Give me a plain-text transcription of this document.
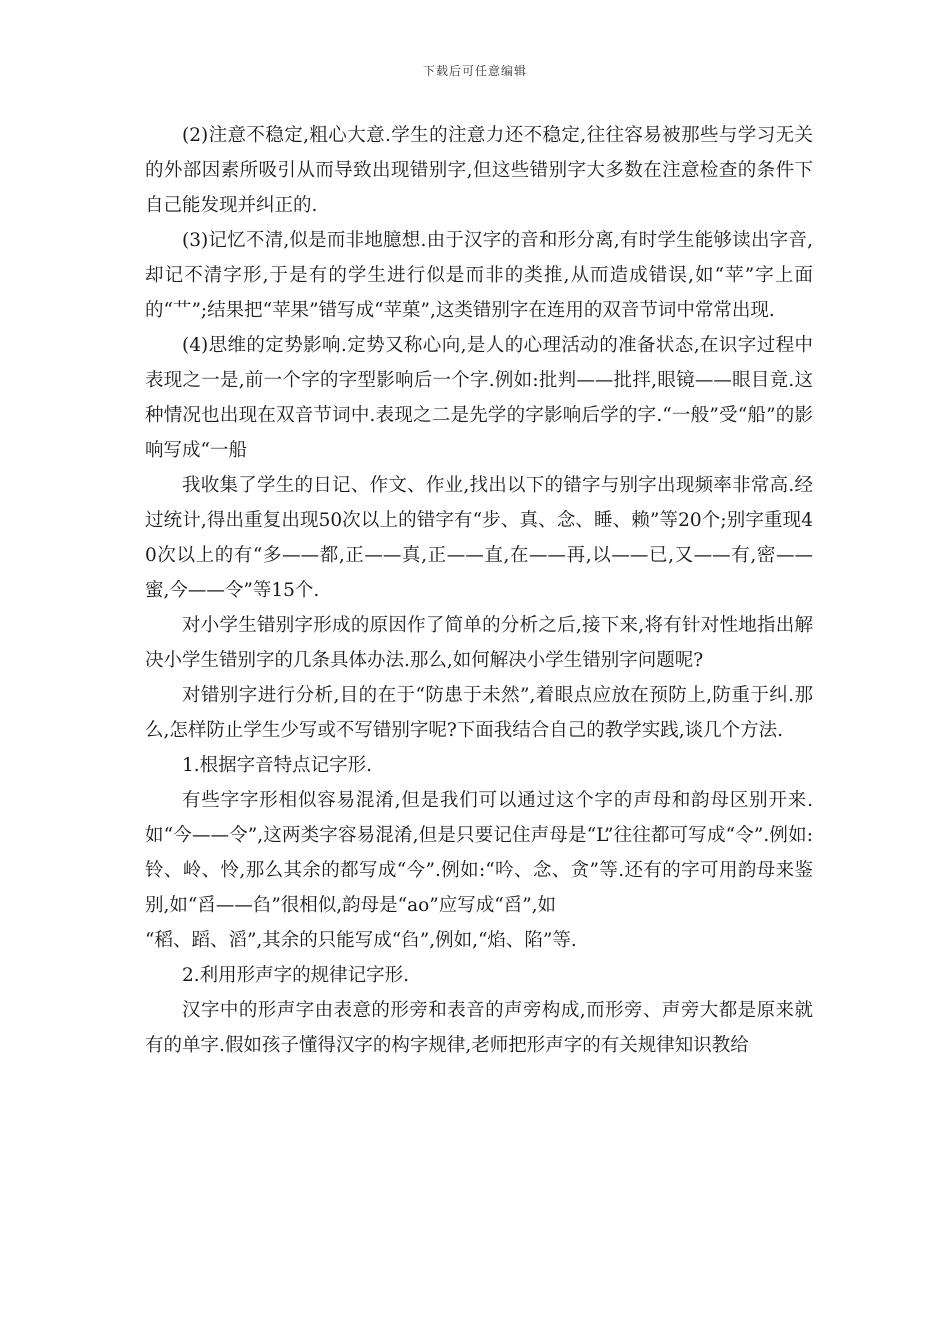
下载后可任意编辑

(2)注意不稳定,粗心大意.学生的注意力还不稳定,往往容易被那些与学习无关的外部因素所吸引从而导致出现错别字,但这些错别字大多数在注意检查的条件下自己能发现并纠正的.

(3)记忆不清,似是而非地臆想.由于汉字的音和形分离,有时学生能够读出字音,却记不清字形,于是有的学生进行似是而非的类推,从而造成错误,如“苹”字上面的“艹”;结果把“苹果”错写成“苹菓”,这类错别字在连用的双音节词中常常出现.

(4)思维的定势影响.定势又称心向,是人的心理活动的准备状态,在识字过程中表现之一是,前一个字的字型影响后一个字.例如:批判——批拌,眼镜——眼目竟.这种情况也出现在双音节词中.表现之二是先学的字影响后学的字.“一般”受“船”的影响写成“一船

我收集了学生的日记、作文、作业,找出以下的错字与别字出现频率非常高.经过统计,得出重复出现50次以上的错字有“步、真、念、睡、赖”等20个;别字重现40次以上的有“多——都,正——真,正——直,在——再,以——已,又——有,密——蜜,今——令”等15个.

对小学生错别字形成的原因作了简单的分析之后,接下来,将有针对性地指出解决小学生错别字的几条具体办法.那么,如何解决小学生错别字问题呢?

对错别字进行分析,目的在于“防患于未然”,着眼点应放在预防上,防重于纠.那么,怎样防止学生少写或不写错别字呢?下面我结合自己的教学实践,谈几个方法.

1.根据字音特点记字形.

有些字字形相似容易混淆,但是我们可以通过这个字的声母和韵母区别开来.如“今——令”,这两类字容易混淆,但是只要记住声母是“L”往往都可写成“令”.例如:铃、岭、怜,那么其余的都写成“今”.例如:“吟、念、贪”等.还有的字可用韵母来鉴别,如“舀——臽”很相似,韵母是“ao”应写成“舀”,如

“稻、蹈、滔”,其余的只能写成“臽”,例如,“焰、陷”等.

2.利用形声字的规律记字形.

汉字中的形声字由表意的形旁和表音的声旁构成,而形旁、声旁大都是原来就有的单字.假如孩子懂得汉字的构字规律,老师把形声字的有关规律知识教给
